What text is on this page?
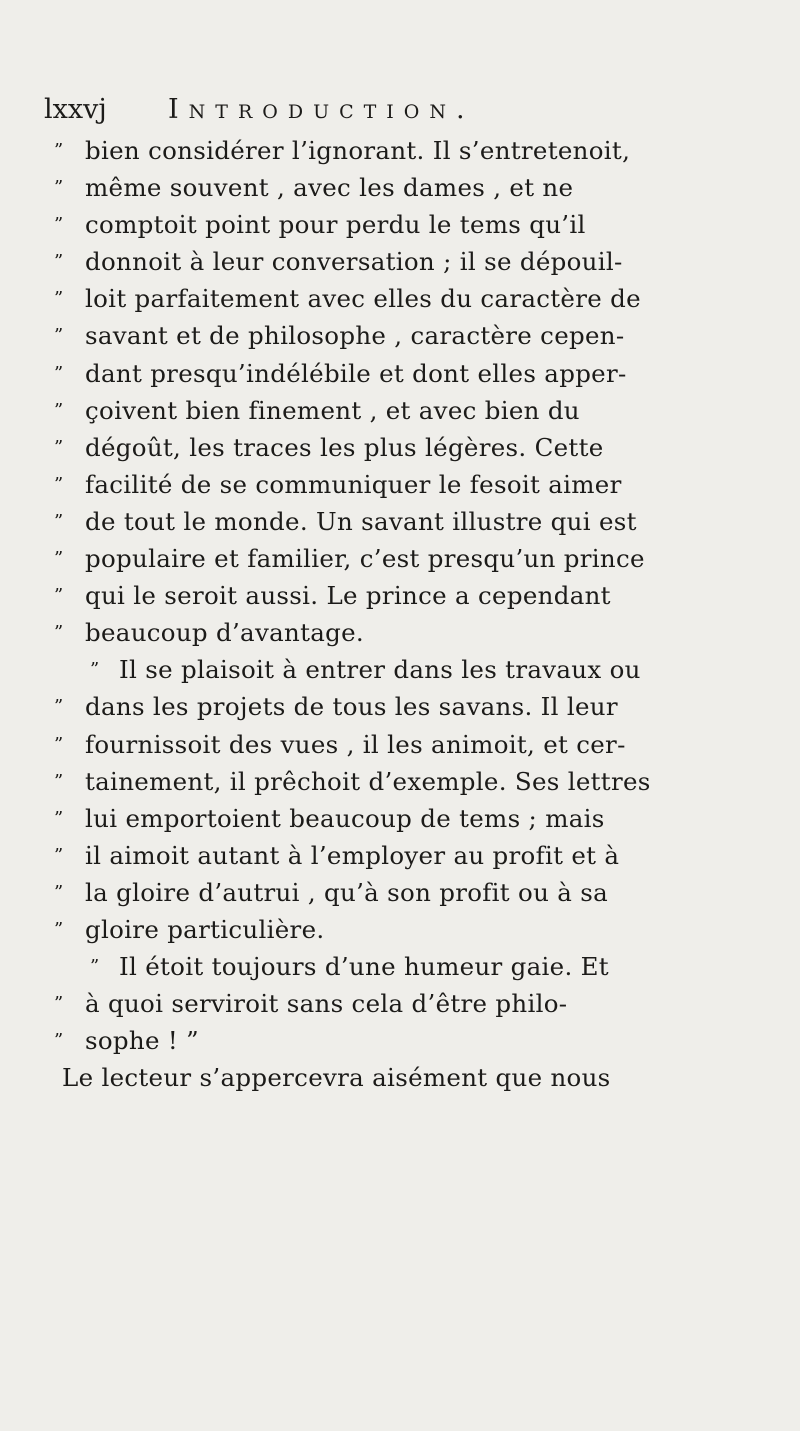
lxxvj Introduction.
” bien considérer l’ignorant. Il s’entretenoit,
” même souvent , avec les dames , et ne
” comptoit point pour perdu le tems qu’il
” donnoit à leur conversation ; il se dépouil-
” loit parfaitement avec elles du caractère de
” savant et de philosophe , caractère cepen-
” dant presqu’indélébile et dont elles apper-
” çoivent bien finement , et avec bien du
” dégoût, les traces les plus légères. Cette
” facilité de se communiquer le fesoit aimer
” de tout le monde. Un savant illustre qui est
” populaire et familier, c’est presqu’un prince
” qui le seroit aussi. Le prince a cependant
” beaucoup d’avantage.
” Il se plaisoit à entrer dans les travaux ou
” dans les projets de tous les savans. Il leur
” fournissoit des vues , il les animoit, et cer-
” tainement, il prêchoit d’exemple. Ses lettres
” lui emportoient beaucoup de tems ; mais
” il aimoit autant à l’employer au profit et à
” la gloire d’autrui , qu’à son profit ou à sa
” gloire particulière.
” Il étoit toujours d’une humeur gaie. Et
” à quoi serviroit sans cela d’être philo-
” sophe ! ”
Le lecteur s’appercevra aisément que nous
